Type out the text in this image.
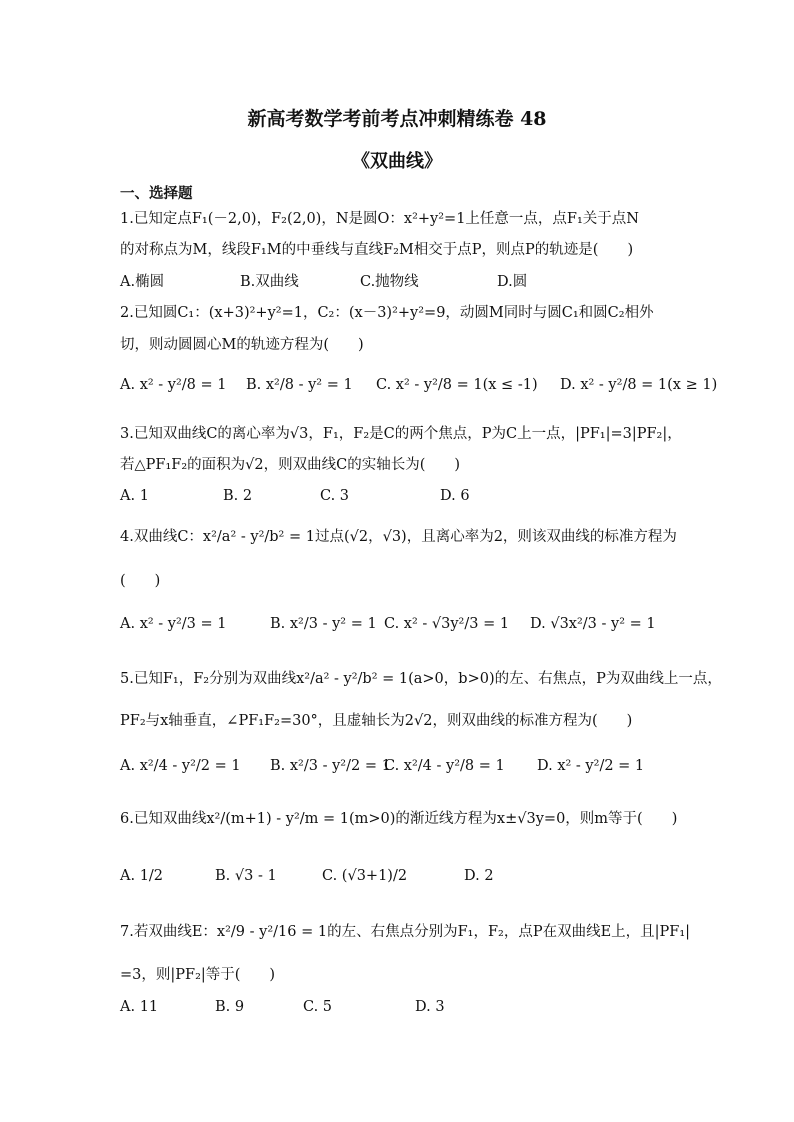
新高考数学考前考点冲刺精练卷 48
《双曲线》
一、选择题
1.已知定点F₁(－2,0)，F₂(2,0)，N是圆O：x²+y²=1上任意一点，点F₁关于点N
的对称点为M，线段F₁M的中垂线与直线F₂M相交于点P，则点P的轨迹是(　　)
A.椭圆	B.双曲线	C.抛物线	D.圆
2.已知圆C₁：(x+3)²+y²=1，C₂：(x－3)²+y²=9，动圆M同时与圆C₁和圆C₂相外
切，则动圆圆心M的轨迹方程为(　　)
A. x² - y²/8 = 1 B. x²/8 - y² = 1 C. x² - y²/8 = 1(x ≤ -1) D. x² - y²/8 = 1(x ≥ 1)
3.已知双曲线C的离心率为√3，F₁，F₂是C的两个焦点，P为C上一点，|PF₁|=3|PF₂|，
若△PF₁F₂的面积为√2，则双曲线C的实轴长为(　　)
A. 1	B. 2	C. 3	D. 6
4.双曲线C：x²/a² - y²/b² = 1过点(√2，√3)，且离心率为2，则该双曲线的标准方程为
(　　)
A. x² - y²/3 = 1	B. x²/3 - y² = 1 C. x² - √3y²/3 = 1 D. √3x²/3 - y² = 1
5.已知F₁，F₂分别为双曲线x²/a² - y²/b² = 1(a>0，b>0)的左、右焦点，P为双曲线上一点，
PF₂与x轴垂直，∠PF₁F₂=30°，且虚轴长为2√2，则双曲线的标准方程为(　　)
A. x²/4 - y²/2 = 1 B. x²/3 - y²/2 = 1
C. x²/4 - y²/8 = 1 D. x² - y²/2 = 1
6.已知双曲线x²/(m+1) - y²/m = 1(m>0)的渐近线方程为x±√3y=0，则m等于(　　)
A. 1/2	B. √3 - 1	C. (√3+1)/2	D. 2
7.若双曲线E：x²/9 - y²/16 = 1的左、右焦点分别为F₁，F₂，点P在双曲线E上，且|PF₁|
=3，则|PF₂|等于(　　)
A. 11	B. 9	C. 5	D. 3
